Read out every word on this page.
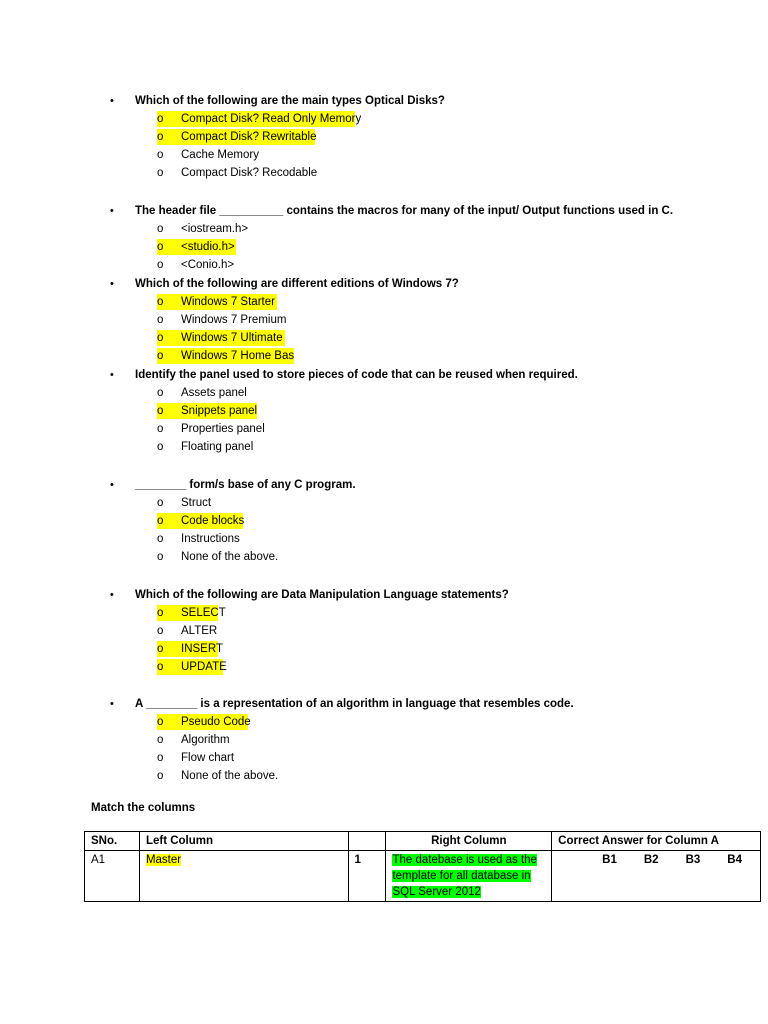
• Which of the following are the main types Optical Disks?
o Compact Disk? Read Only Memory
o Compact Disk? Rewritable
o Cache Memory
o Compact Disk? Recodable
• The header file __________ contains the macros for many of the input/ Output functions used in C.
o <iostream.h>
o <studio.h>
o <Conio.h>
• Which of the following are different editions of Windows 7?
o Windows 7 Starter
o Windows 7 Premium
o Windows 7 Ultimate
o Windows 7 Home Bas
• Identify the panel used to store pieces of code that can be reused when required.
o Assets panel
o Snippets panel
o Properties panel
o Floating panel
• ________ form/s base of any C program.
o Struct
o Code blocks
o Instructions
o None of the above.
• Which of the following are Data Manipulation Language statements?
o SELECT
o ALTER
o INSERT
o UPDATE
• A ________ is a representation of an algorithm in language that resembles code.
o Pseudo Code
o Algorithm
o Flow chart
o None of the above.
Match the columns
SNo.	Left Column		Right Column	Correct Answer for Column A
A1	Master	1	The datebase is used as the template for all database in SQL Server 2012	B1 B2 B3 B4
